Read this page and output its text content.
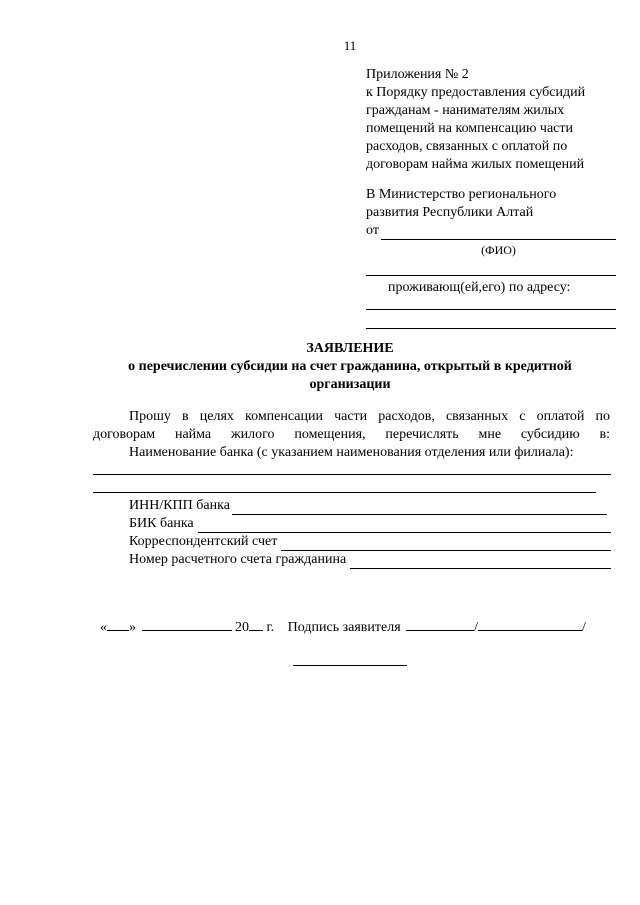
11
Приложения № 2
к Порядку предоставления субсидий
гражданам - нанимателям жилых
помещений на компенсацию части
расходов, связанных с оплатой по
договорам найма жилых помещений
В Министерство регионального
развития Республики Алтай
от
(ФИО)
проживающ(ей,его) по адресу:
ЗАЯВЛЕНИЕ
о перечислении субсидии на счет гражданина, открытый в кредитной
организации
Прошу в целях компенсации части расходов, связанных с оплатой по
договорам найма жилого помещения, перечислять мне субсидию в:
Наименование банка (с указанием наименования отделения или филиала):
ИНН/КПП банка
БИК банка
Корреспондентский счет
Номер расчетного счета гражданина
« »	20 г. Подпись заявителя	/	/
